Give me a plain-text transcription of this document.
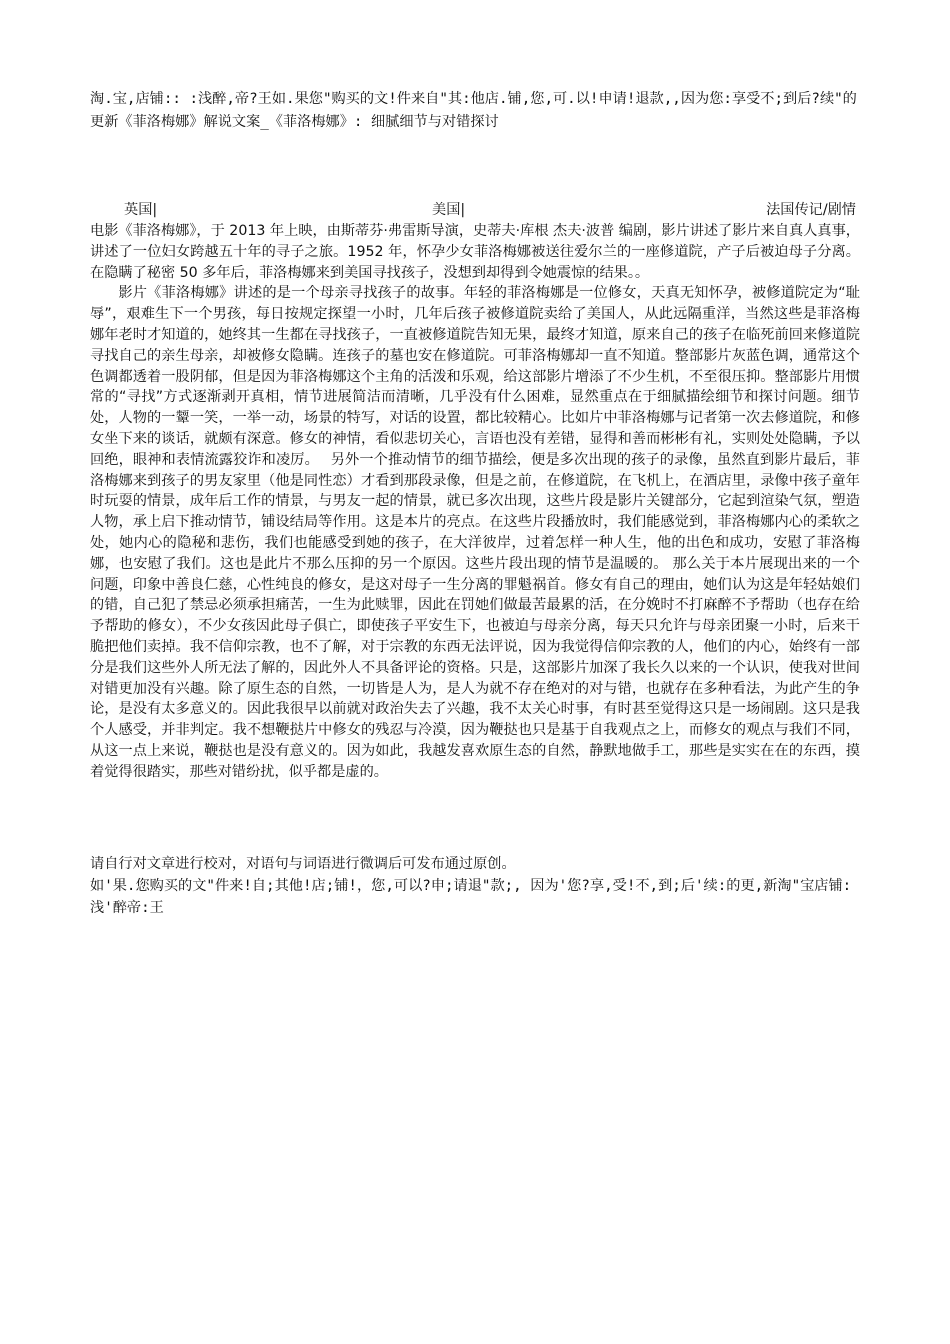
淘.宝,店铺:: :浅醉,帝?王如.果您"购买的文!件来自"其:他店.铺,您,可.以!申请!退款,,因为您:享受不;到后?续"的更新《菲洛梅娜》解说文案_《菲洛梅娜》: 细腻细节与对错探讨

英国|	美国|	法国传记/剧情

电影《菲洛梅娜》，于 2013 年上映，由斯蒂芬·弗雷斯导演，史蒂夫·库根 杰夫·波普 编剧，影片讲述了影片来自真人真事，讲述了一位妇女跨越五十年的寻子之旅。1952 年，怀孕少女菲洛梅娜被送往爱尔兰的一座修道院，产子后被迫母子分离。在隐瞒了秘密 50 多年后，菲洛梅娜来到美国寻找孩子，没想到却得到令她震惊的结果。。

影片《菲洛梅娜》讲述的是一个母亲寻找孩子的故事。年轻的菲洛梅娜是一位修女，天真无知怀孕，被修道院定为“耻辱”，艰难生下一个男孩，每日按规定探望一小时，几年后孩子被修道院卖给了美国人，从此远隔重洋，当然这些是菲洛梅娜年老时才知道的，她终其一生都在寻找孩子，一直被修道院告知无果，最终才知道，原来自己的孩子在临死前回来修道院寻找自己的亲生母亲，却被修女隐瞒。连孩子的墓也安在修道院。可菲洛梅娜却一直不知道。整部影片灰蓝色调，通常这个色调都透着一股阴郁，但是因为菲洛梅娜这个主角的活泼和乐观，给这部影片增添了不少生机，不至很压抑。整部影片用惯常的“寻找”方式逐渐剥开真相，情节进展简洁而清晰，几乎没有什么困难，显然重点在于细腻描绘细节和探讨问题。细节处，人物的一颦一笑，一举一动，场景的特写，对话的设置，都比较精心。比如片中菲洛梅娜与记者第一次去修道院，和修女坐下来的谈话，就颇有深意。修女的神情，看似悲切关心，言语也没有差错，显得和善而彬彬有礼，实则处处隐瞒，予以回绝，眼神和表情流露狡诈和凌厉。　 另外一个推动情节的细节描绘，便是多次出现的孩子的录像，虽然直到影片最后，菲洛梅娜来到孩子的男友家里（他是同性恋）才看到那段录像，但是之前，在修道院，在飞机上，在酒店里，录像中孩子童年时玩耍的情景，成年后工作的情景，与男友一起的情景，就已多次出现，这些片段是影片关键部分，它起到渲染气氛，塑造人物，承上启下推动情节，铺设结局等作用。这是本片的亮点。在这些片段播放时，我们能感觉到，菲洛梅娜内心的柔软之处，她内心的隐秘和悲伤，我们也能感受到她的孩子，在大洋彼岸，过着怎样一种人生，他的出色和成功，安慰了菲洛梅娜，也安慰了我们。这也是此片不那么压抑的另一个原因。这些片段出现的情节是温暖的。 那么关于本片展现出来的一个问题，印象中善良仁慈，心性纯良的修女，是这对母子一生分离的罪魁祸首。修女有自己的理由，她们认为这是年轻姑娘们的错，自己犯了禁忌必须承担痛苦，一生为此赎罪，因此在罚她们做最苦最累的活，在分娩时不打麻醉不予帮助（也存在给予帮助的修女），不少女孩因此母子俱亡，即使孩子平安生下，也被迫与母亲分离，每天只允许与母亲团聚一小时，后来干脆把他们卖掉。我不信仰宗教，也不了解，对于宗教的东西无法评说，因为我觉得信仰宗教的人，他们的内心，始终有一部分是我们这些外人所无法了解的，因此外人不具备评论的资格。只是，这部影片加深了我长久以来的一个认识，使我对世间对错更加没有兴趣。除了原生态的自然，一切皆是人为，是人为就不存在绝对的对与错，也就存在多种看法，为此产生的争论，是没有太多意义的。因此我很早以前就对政治失去了兴趣，我不太关心时事，有时甚至觉得这只是一场闹剧。这只是我个人感受，并非判定。我不想鞭挞片中修女的残忍与冷漠，因为鞭挞也只是基于自我观点之上，而修女的观点与我们不同，从这一点上来说，鞭挞也是没有意义的。因为如此，我越发喜欢原生态的自然，静默地做手工，那些是实实在在的东西，摸着觉得很踏实，那些对错纷扰，似乎都是虚的。

请自行对文章进行校对，对语句与词语进行微调后可发布通过原创。

如'果.您购买的文"件来!自;其他!店;铺!，您,可以?申;请退"款;, 因为'您?享,受!不,到;后'续:的更,新淘"宝店铺: 浅'醉帝:王
